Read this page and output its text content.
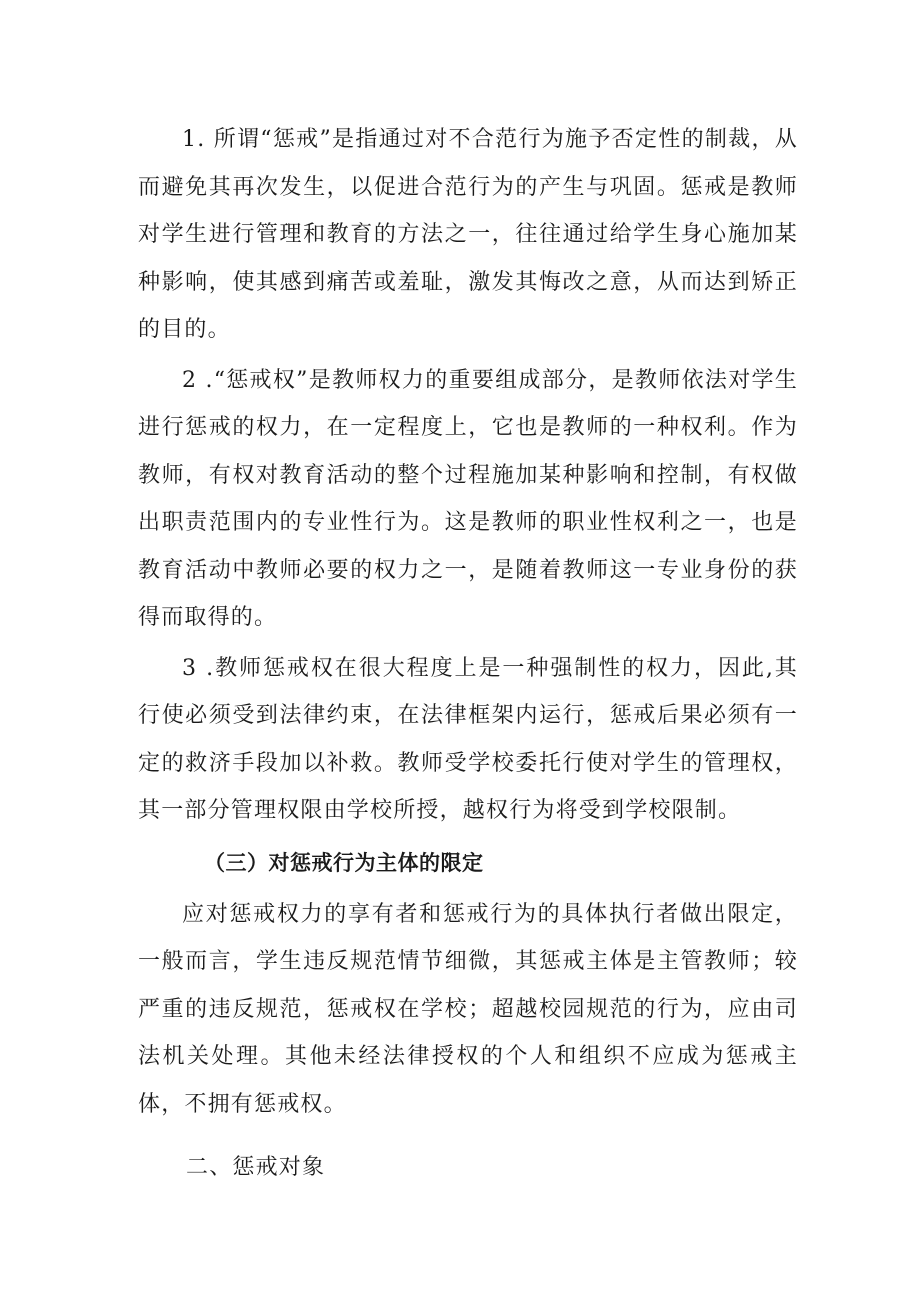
1. 所谓“惩戒”是指通过对不合范行为施予否定性的制裁，从而避免其再次发生，以促进合范行为的产生与巩固。惩戒是教师对学生进行管理和教育的方法之一，往往通过给学生身心施加某种影响，使其感到痛苦或羞耻，激发其悔改之意，从而达到矫正的目的。

2 .“惩戒权”是教师权力的重要组成部分，是教师依法对学生进行惩戒的权力，在一定程度上，它也是教师的一种权利。作为教师，有权对教育活动的整个过程施加某种影响和控制，有权做出职责范围内的专业性行为。这是教师的职业性权利之一，也是教育活动中教师必要的权力之一，是随着教师这一专业身份的获得而取得的。

3 .教师惩戒权在很大程度上是一种强制性的权力，因此,其行使必须受到法律约束，在法律框架内运行，惩戒后果必须有一定的救济手段加以补救。教师受学校委托行使对学生的管理权，其一部分管理权限由学校所授，越权行为将受到学校限制。

（三）对惩戒行为主体的限定

应对惩戒权力的享有者和惩戒行为的具体执行者做出限定，一般而言，学生违反规范情节细微，其惩戒主体是主管教师；较严重的违反规范，惩戒权在学校；超越校园规范的行为，应由司法机关处理。其他未经法律授权的个人和组织不应成为惩戒主体，不拥有惩戒权。

二、惩戒对象
